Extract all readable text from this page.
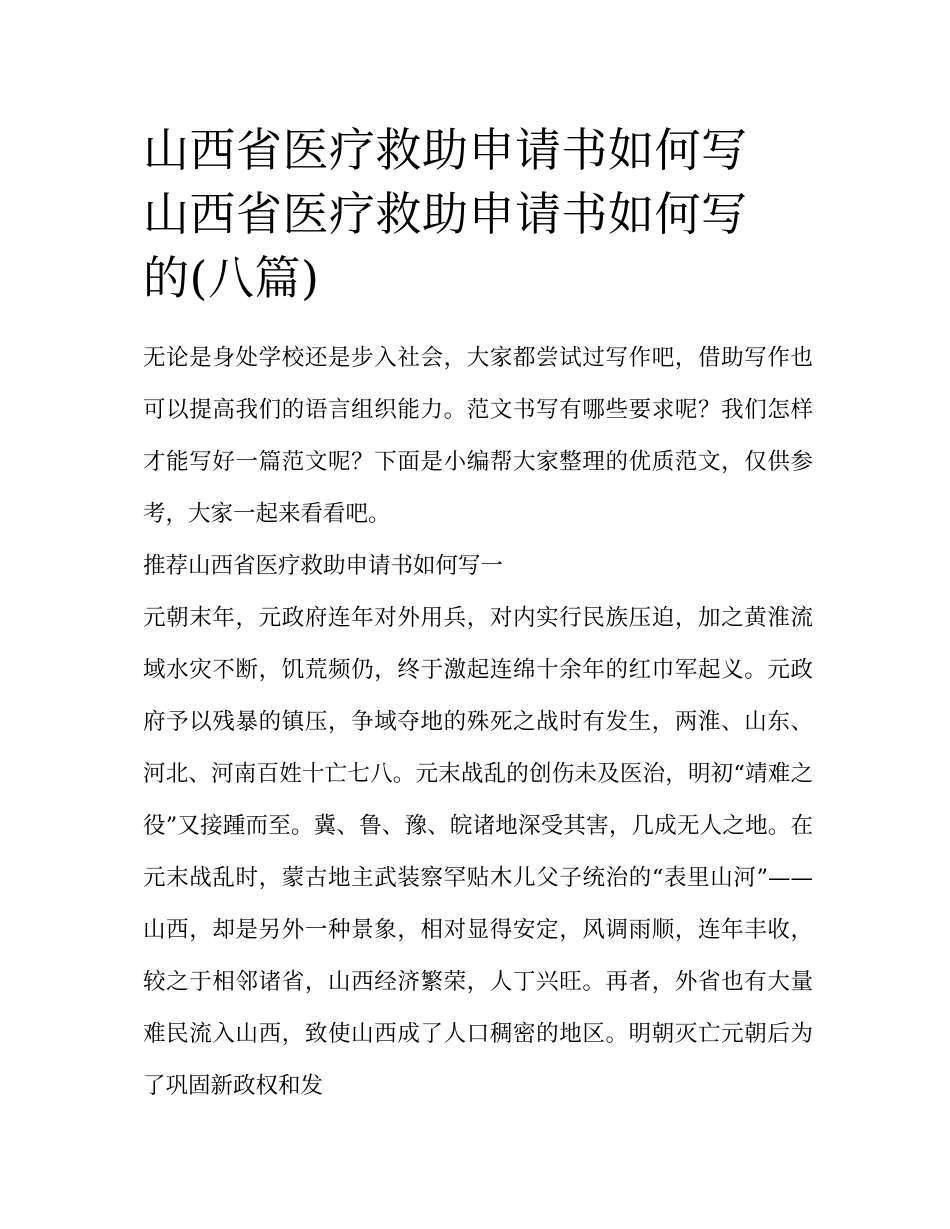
山西省医疗救助申请书如何写
山西省医疗救助申请书如何写
的(八篇)

无论是身处学校还是步入社会，大家都尝试过写作吧，借助写作也可以提高我们的语言组织能力。范文书写有哪些要求呢？我们怎样才能写好一篇范文呢？下面是小编帮大家整理的优质范文，仅供参考，大家一起来看看吧。

推荐山西省医疗救助申请书如何写一

元朝末年，元政府连年对外用兵，对内实行民族压迫，加之黄淮流域水灾不断，饥荒频仍，终于激起连绵十余年的红巾军起义。元政府予以残暴的镇压，争域夺地的殊死之战时有发生，两淮、山东、河北、河南百姓十亡七八。元末战乱的创伤未及医治，明初“靖难之役”又接踵而至。冀、鲁、豫、皖诸地深受其害，几成无人之地。在元末战乱时，蒙古地主武装察罕贴木儿父子统治的“表里山河”——山西，却是另外一种景象，相对显得安定，风调雨顺，连年丰收，较之于相邻诸省，山西经济繁荣，人丁兴旺。再者，外省也有大量难民流入山西，致使山西成了人口稠密的地区。明朝灭亡元朝后为了巩固新政权和发
